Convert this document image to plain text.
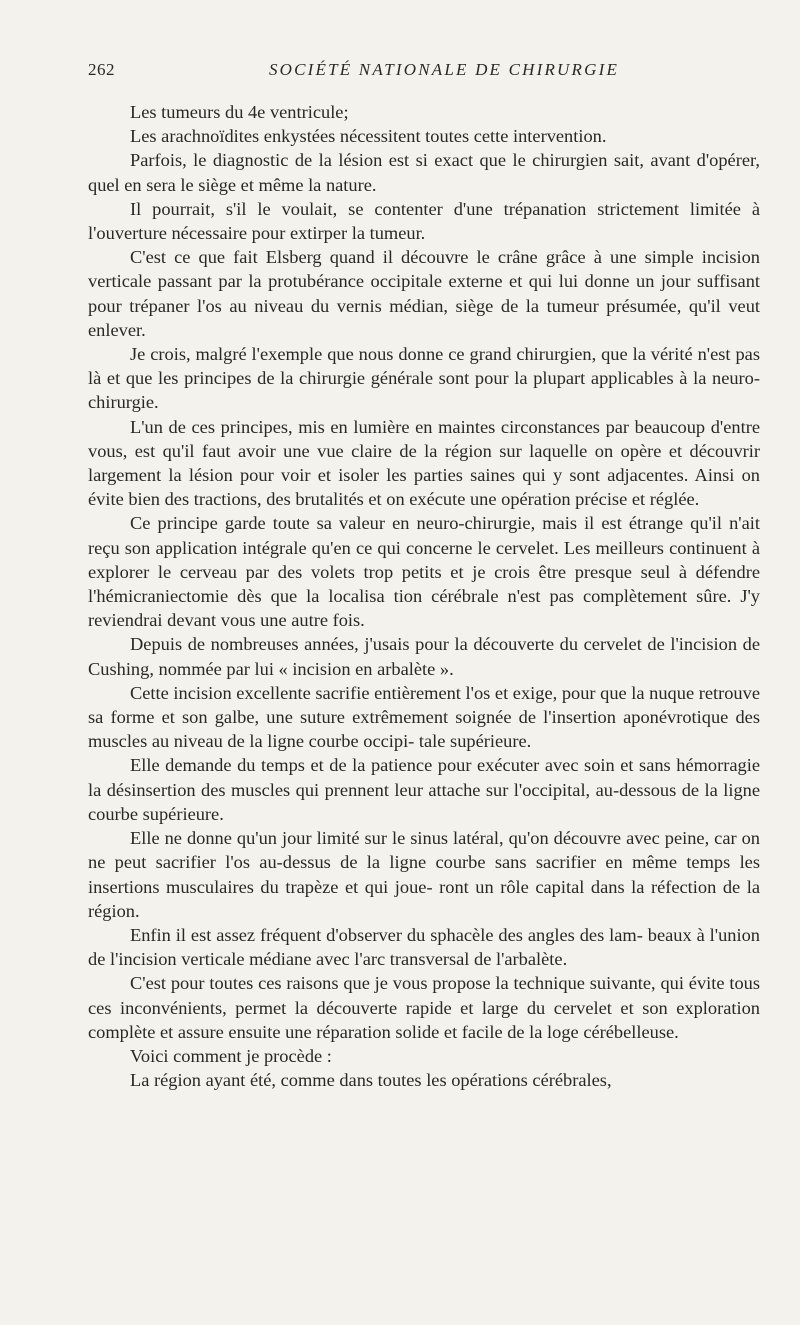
262	SOCIÉTÉ NATIONALE DE CHIRURGIE

Les tumeurs du 4e ventricule;

Les arachnoïdites enkystées nécessitent toutes cette intervention.

Parfois, le diagnostic de la lésion est si exact que le chirurgien sait, avant d'opérer, quel en sera le siège et même la nature.

Il pourrait, s'il le voulait, se contenter d'une trépanation strictement limitée à l'ouverture nécessaire pour extirper la tumeur.

C'est ce que fait Elsberg quand il découvre le crâne grâce à une simple incision verticale passant par la protubérance occipitale externe et qui lui donne un jour suffisant pour trépaner l'os au niveau du vernis médian, siège de la tumeur présumée, qu'il veut enlever.

Je crois, malgré l'exemple que nous donne ce grand chirurgien, que la vérité n'est pas là et que les principes de la chirurgie générale sont pour la plupart applicables à la neuro-chirurgie.

L'un de ces principes, mis en lumière en maintes circonstances par beaucoup d'entre vous, est qu'il faut avoir une vue claire de la région sur laquelle on opère et découvrir largement la lésion pour voir et isoler les parties saines qui y sont adjacentes. Ainsi on évite bien des tractions, des brutalités et on exécute une opération précise et réglée.

Ce principe garde toute sa valeur en neuro-chirurgie, mais il est étrange qu'il n'ait reçu son application intégrale qu'en ce qui concerne le cervelet. Les meilleurs continuent à explorer le cerveau par des volets trop petits et je crois être presque seul à défendre l'hémicraniectomie dès que la localisa tion cérébrale n'est pas complètement sûre. J'y reviendrai devant vous une autre fois.

Depuis de nombreuses années, j'usais pour la découverte du cervelet de l'incision de Cushing, nommée par lui « incision en arbalète ».

Cette incision excellente sacrifie entièrement l'os et exige, pour que la nuque retrouve sa forme et son galbe, une suture extrêmement soignée de l'insertion aponévrotique des muscles au niveau de la ligne courbe occipi- tale supérieure.

Elle demande du temps et de la patience pour exécuter avec soin et sans hémorragie la désinsertion des muscles qui prennent leur attache sur l'occipital, au-dessous de la ligne courbe supérieure.

Elle ne donne qu'un jour limité sur le sinus latéral, qu'on découvre avec peine, car on ne peut sacrifier l'os au-dessus de la ligne courbe sans sacrifier en même temps les insertions musculaires du trapèze et qui joue- ront un rôle capital dans la réfection de la région.

Enfin il est assez fréquent d'observer du sphacèle des angles des lam- beaux à l'union de l'incision verticale médiane avec l'arc transversal de l'arbalète.

C'est pour toutes ces raisons que je vous propose la technique suivante, qui évite tous ces inconvénients, permet la découverte rapide et large du cervelet et son exploration complète et assure ensuite une réparation solide et facile de la loge cérébelleuse.

Voici comment je procède :

La région ayant été, comme dans toutes les opérations cérébrales,
